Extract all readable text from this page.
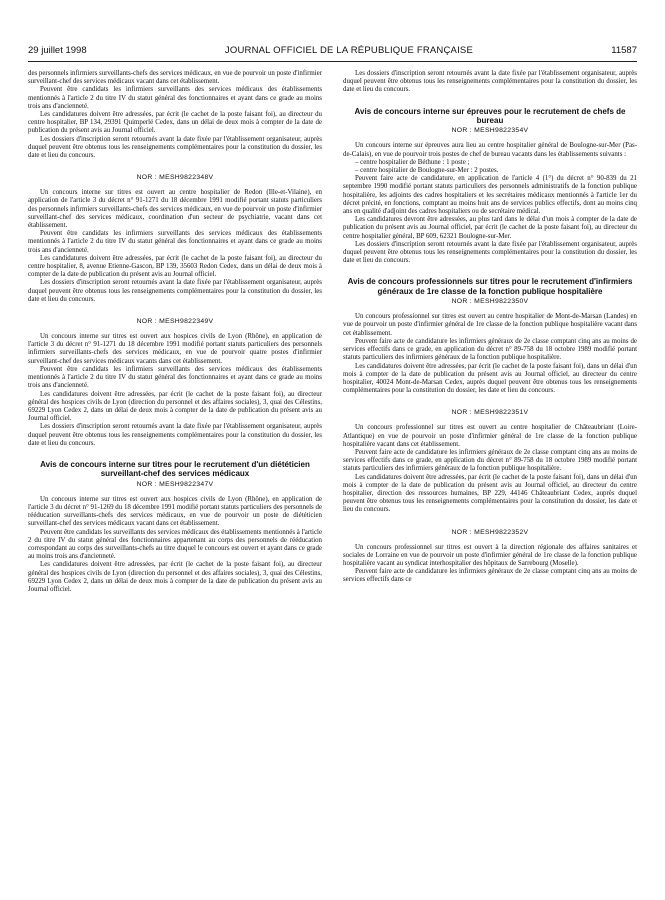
29 juillet 1998	JOURNAL OFFICIEL DE LA RÉPUBLIQUE FRANÇAISE	11587

des personnels infirmiers surveillants-chefs des services médicaux, en vue de pourvoir un poste d'infirmier surveillant-chef des services médicaux vacant dans cet établissement.

Peuvent être candidats les infirmiers surveillants des services médicaux des établissements mentionnés à l'article 2 du titre IV du statut général des fonctionnaires et ayant dans ce grade au moins trois ans d'ancienneté.

Les candidatures doivent être adressées, par écrit (le cachet de la poste faisant foi), au directeur du centre hospitalier, BP 134, 29391 Quimperlé Cedex, dans un délai de deux mois à compter de la date de publication du présent avis au Journal officiel.

Les dossiers d'inscription seront retournés avant la date fixée par l'établissement organisateur, auprès duquel peuvent être obtenus tous les renseignements complémentaires pour la constitution du dossier, les date et lieu du concours.

NOR : MESH9822348V

Un concours interne sur titres est ouvert au centre hospitalier de Redon (Ille-et-Vilaine), en application de l'article 3 du décret n° 91-1271 du 18 décembre 1991 modifié portant statuts particuliers des personnels infirmiers surveillants-chefs des services médicaux, en vue de pourvoir un poste d'infirmier surveillant-chef des services médicaux, coordination d'un secteur de psychiatrie, vacant dans cet établissement.

Peuvent être candidats les infirmiers surveillants des services médicaux des établissements mentionnés à l'article 2 du titre IV du statut général des fonctionnaires et ayant dans ce grade au moins trois ans d'ancienneté.

Les candidatures doivent être adressées, par écrit (le cachet de la poste faisant foi), au directeur du centre hospitalier, 8, avenue Etienne-Gascon, BP 139, 35603 Redon Cedex, dans un délai de deux mois à compter de la date de publication du présent avis au Journal officiel.

Les dossiers d'inscription seront retournés avant la date fixée par l'établissement organisateur, auprès duquel peuvent être obtenus tous les renseignements complémentaires pour la constitution du dossier, les date et lieu du concours.

NOR : MESH9822349V

Un concours interne sur titres est ouvert aux hospices civils de Lyon (Rhône), en application de l'article 3 du décret n° 91-1271 du 18 décembre 1991 modifié portant statuts particuliers des personnels infirmiers surveillants-chefs des services médicaux, en vue de pourvoir quatre postes d'infirmier surveillant-chef des services médicaux vacants dans cet établissement.

Peuvent être candidats les infirmiers surveillants des services médicaux des établissements mentionnés à l'article 2 du titre IV du statut général des fonctionnaires et ayant dans ce grade au moins trois ans d'ancienneté.

Les candidatures doivent être adressées, par écrit (le cachet de la poste faisant foi), au directeur général des hospices civils de Lyon (direction du personnel et des affaires sociales), 3, quai des Célestins, 69229 Lyon Cedex 2, dans un délai de deux mois à compter de la date de publication du présent avis au Journal officiel.

Les dossiers d'inscription seront retournés avant la date fixée par l'établissement organisateur, auprès duquel peuvent être obtenus tous les renseignements complémentaires pour la constitution du dossier, les date et lieu du concours.

Avis de concours interne sur titres pour le recrutement d'un diététicien surveillant-chef des services médicaux
NOR : MESH9822347V

Un concours interne sur titres est ouvert aux hospices civils de Lyon (Rhône), en application de l'article 3 du décret n° 91-1269 du 18 décembre 1991 modifié portant statuts particuliers des personnels de rééducation surveillants-chefs des services médicaux, en vue de pourvoir un poste de diététicien surveillant-chef des services médicaux vacant dans cet établissement.

Peuvent être candidats les surveillants des services médicaux des établissements mentionnés à l'article 2 du titre IV du statut général des fonctionnaires appartenant au corps des personnels de rééducation correspondant au corps des surveillants-chefs au titre duquel le concours est ouvert et ayant dans ce grade au moins trois ans d'ancienneté.

Les candidatures doivent être adressées, par écrit (le cachet de la poste faisant foi), au directeur général des hospices civils de Lyon (direction du personnel et des affaires sociales), 3, quai des Célestins, 69229 Lyon Cedex 2, dans un délai de deux mois à compter de la date de publication du présent avis au Journal officiel.

Les dossiers d'inscription seront retournés avant la date fixée par l'établissement organisateur, auprès duquel peuvent être obtenus tous les renseignements complémentaires pour la constitution du dossier, les date et lieu du concours.

Avis de concours interne sur épreuves pour le recrutement de chefs de bureau
NOR : MESH9822354V

Un concours interne sur épreuves aura lieu au centre hospitalier général de Boulogne-sur-Mer (Pas-de-Calais), en vue de pourvoir trois postes de chef de bureau vacants dans les établissements suivants :

– centre hospitalier de Béthune : 1 poste ;

– centre hospitalier de Boulogne-sur-Mer : 2 postes.

Peuvent faire acte de candidature, en application de l'article 4 (1°) du décret n° 90-839 du 21 septembre 1990 modifié portant statuts particuliers des personnels administratifs de la fonction publique hospitalière, les adjoints des cadres hospitaliers et les secrétaires médicaux mentionnés à l'article 1er du décret précité, en fonctions, comptant au moins huit ans de services publics effectifs, dont au moins cinq ans en qualité d'adjoint des cadres hospitaliers ou de secrétaire médical.

Les candidatures devront être adressées, au plus tard dans le délai d'un mois à compter de la date de publication du présent avis au Journal officiel, par écrit (le cachet de la poste faisant foi), au directeur du centre hospitalier général, BP 609, 62321 Boulogne-sur-Mer.

Les dossiers d'inscription seront retournés avant la date fixée par l'établissement organisateur, auprès duquel peuvent être obtenus tous les renseignements complémentaires pour la constitution du dossier, les date et lieu du concours.

Avis de concours professionnels sur titres pour le recrutement d'infirmiers généraux de 1re classe de la fonction publique hospitalière
NOR : MESH9822350V

Un concours professionnel sur titres est ouvert au centre hospitalier de Mont-de-Marsan (Landes) en vue de pourvoir un poste d'infirmier général de 1re classe de la fonction publique hospitalière vacant dans cet établissement.

Peuvent faire acte de candidature les infirmiers généraux de 2e classe comptant cinq ans au moins de services effectifs dans ce grade, en application du décret n° 89-758 du 18 octobre 1989 modifié portant statuts particuliers des infirmiers généraux de la fonction publique hospitalière.

Les candidatures doivent être adressées, par écrit (le cachet de la poste faisant foi), dans un délai d'un mois à compter de la date de publication du présent avis au Journal officiel, au directeur du centre hospitalier, 40024 Mont-de-Marsan Cedex, auprès duquel peuvent être obtenus tous les renseignements complémentaires pour la constitution du dossier, les date et lieu du concours.

NOR : MESH9822351V

Un concours professionnel sur titres est ouvert au centre hospitalier de Châteaubriant (Loire-Atlantique) en vue de pourvoir un poste d'infirmier général de 1re classe de la fonction publique hospitalière vacant dans cet établissement.

Peuvent faire acte de candidature les infirmiers généraux de 2e classe comptant cinq ans au moins de services effectifs dans ce grade, en application du décret n° 89-758 du 18 octobre 1989 modifié portant statuts particuliers des infirmiers généraux de la fonction publique hospitalière.

Les candidatures doivent être adressées, par écrit (le cachet de la poste faisant foi), dans un délai d'un mois à compter de la date de publication du présent avis au Journal officiel, au directeur du centre hospitalier, direction des ressources humaines, BP 229, 44146 Châteaubriant Cedex, auprès duquel peuvent être obtenus tous les renseignements complémentaires pour la constitution du dossier, les date et lieu du concours.

NOR : MESH9822352V

Un concours professionnel sur titres est ouvert à la direction régionale des affaires sanitaires et sociales de Lorraine en vue de pourvoir un poste d'infirmier général de 1re classe de la fonction publique hospitalière vacant au syndicat interhospitalier des hôpitaux de Sarrebourg (Moselle).

Peuvent faire acte de candidature les infirmiers généraux de 2e classe comptant cinq ans au moins de services effectifs dans ce
